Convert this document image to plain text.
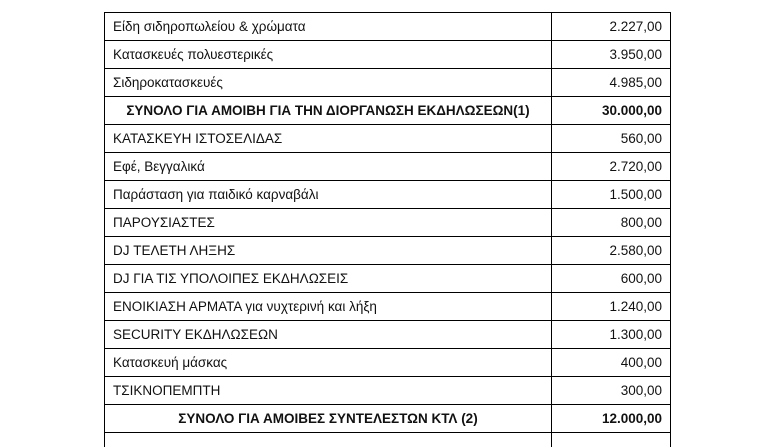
Είδη σιδηροπωλείου & χρώματα	2.227,00
Κατασκευές πολυεστερικές	3.950,00
Σιδηροκατασκευές	4.985,00
ΣΥΝΟΛΟ ΓΙΑ ΑΜΟΙΒΗ ΓΙΑ ΤΗΝ ΔΙΟΡΓΑΝΩΣΗ ΕΚΔΗΛΩΣΕΩΝ(1)	30.000,00
ΚΑΤΑΣΚΕΥΗ ΙΣΤΟΣΕΛΙΔΑΣ	560,00
Εφέ, Βεγγαλικά	2.720,00
Παράσταση για παιδικό καρναβάλι	1.500,00
ΠΑΡΟΥΣΙΑΣΤΕΣ	800,00
DJ ΤΕΛΕΤΗ ΛΗΞΗΣ	2.580,00
DJ ΓΙΑ ΤΙΣ ΥΠΟΛΟΙΠΕΣ ΕΚΔΗΛΩΣΕΙΣ	600,00
ΕΝΟΙΚΙΑΣΗ ΑΡΜΑΤΑ για νυχτερινή και λήξη	1.240,00
SECURITY ΕΚΔΗΛΩΣΕΩΝ	1.300,00
Κατασκευή μάσκας	400,00
ΤΣΙΚΝΟΠΕΜΠΤΗ	300,00
ΣΥΝΟΛΟ ΓΙΑ ΑΜΟΙΒΕΣ ΣΥΝΤΕΛΕΣΤΩΝ ΚΤΛ (2)	12.000,00
